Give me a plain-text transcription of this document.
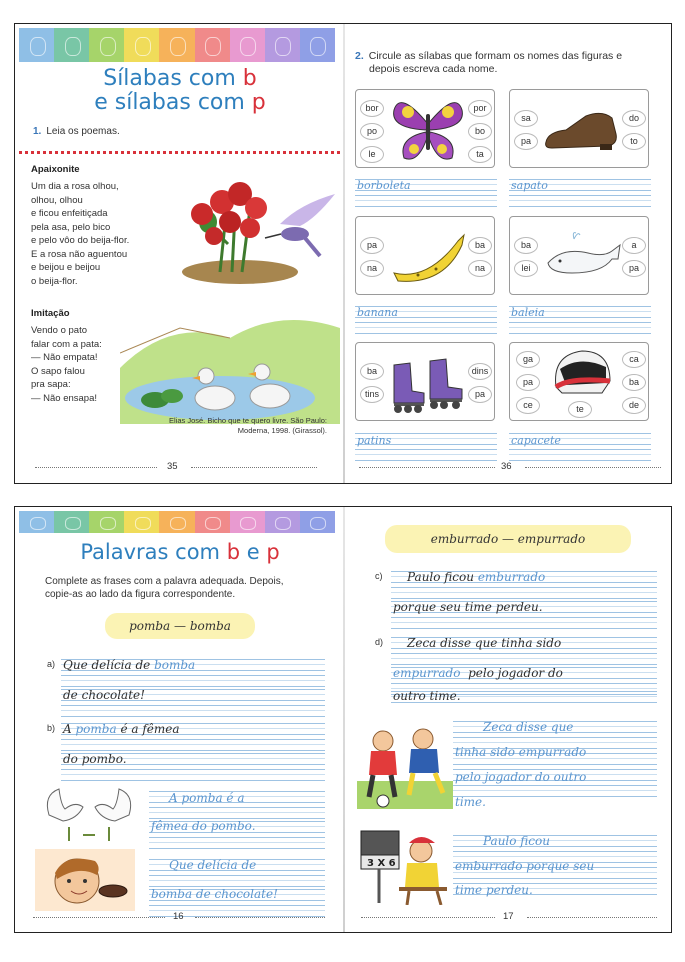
Sílabas com b
e sílabas com p
1. Leia os poemas.
Apaixonite
Um dia a rosa olhou,
olhou, olhou
e ficou enfeitiçada
pela asa, pelo bico
e pelo vôo do beija-flor.
E a rosa não aguentou
e beijou e beijou
o beija-flor.
Imitação
Vendo o pato
falar com a pata:
— Não empata!
O sapo falou
pra sapa:
— Não ensapa!
Elias José. Bicho que te quero livre. São Paulo:
Moderna, 1998. (Girassol).
35
2. Circule as sílabas que formam os nomes das figuras e
depois escreva cada nome.
bor
po
le
por
bo
ta
borboleta
sa
pa
do
to
sapato
pa
na
ba
na
banana
ba
lei
a
pa
baleia
ba
tins
dins
pa
patins
ga
pa
ce	te
ca
ba
de
capacete
36
Palavras com b e p
Complete as frases com a palavra adequada. Depois,
copie-as ao lado da figura correspondente.
pomba — bomba
a) Que delícia de bomba
de chocolate!
b) A pomba é a fêmea
do pombo.
A pomba é a
fêmea do pombo.
Que delícia de
bomba de chocolate!
16
emburrado — empurrado
c) Paulo ficou emburrado
porque seu time perdeu.
d) Zeca disse que tinha sido
empurrado pelo jogador do
outro time.
Zeca disse que
tinha sido empurrado
pelo jogador do outro
time.
3 X 6
Paulo ficou
emburrado porque seu
time perdeu.
17
